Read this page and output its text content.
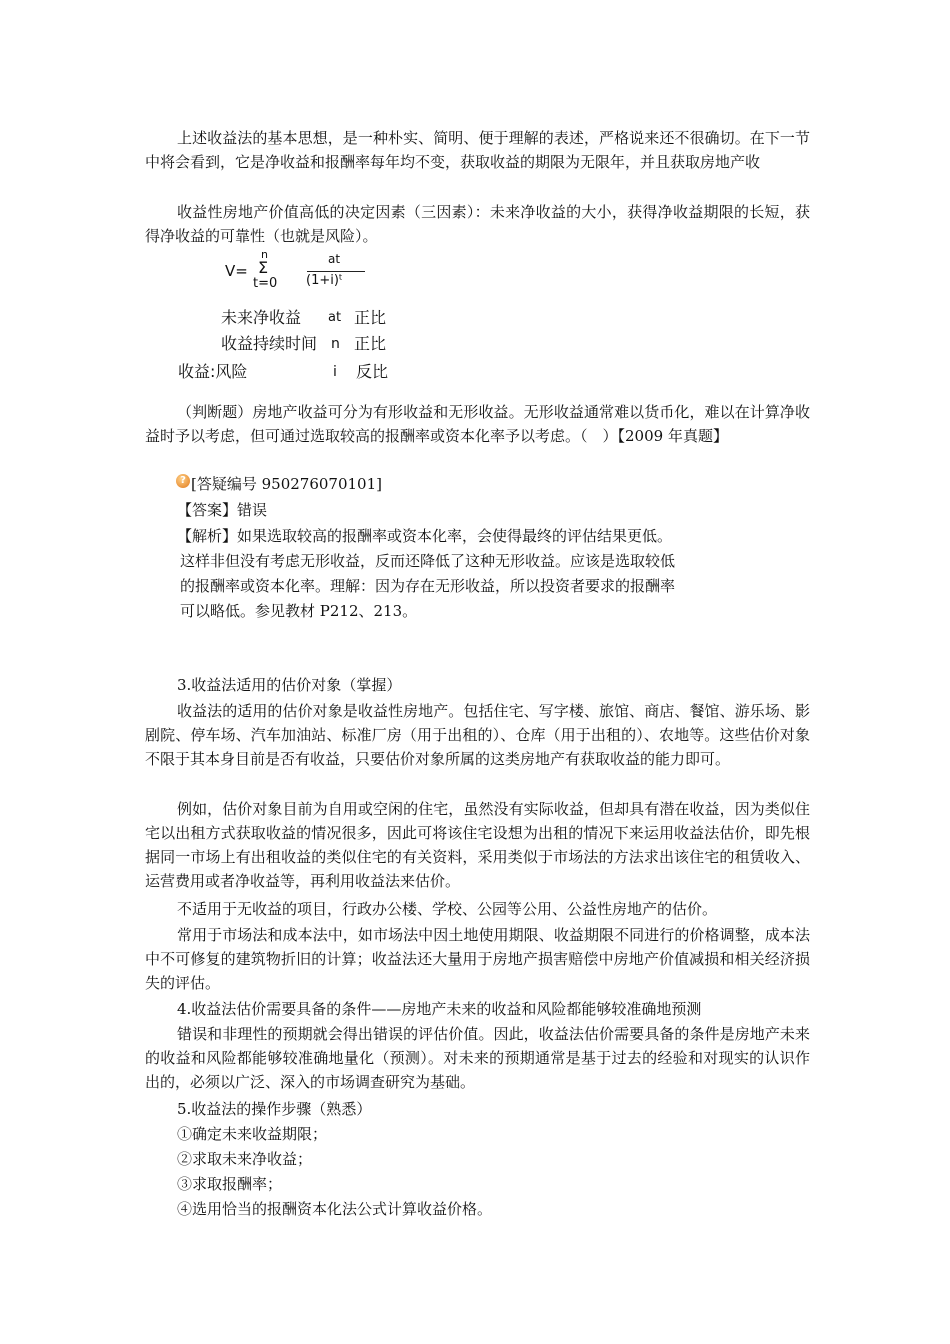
上述收益法的基本思想，是一种朴实、简明、便于理解的表述，严格说来还不很确切。在下一节中将会看到，它是净收益和报酬率每年均不变，获取收益的期限为无限年，并且获取房地产收

收益性房地产价值高低的决定因素（三因素）：未来净收益的大小，获得净收益期限的长短，获得净收益的可靠性（也就是风险）。

V=
n
Σ
t=0
at
(1+i)ᵗ
未来净收益 at 正比
收益持续时间 n 正比
收益:风险	i 反比

（判断题）房地产收益可分为有形收益和无形收益。无形收益通常难以货币化，难以在计算净收益时予以考虑，但可通过选取较高的报酬率或资本化率予以考虑。（　）【2009 年真题】

? [答疑编号 950276070101]

【答案】错误

【解析】如果选取较高的报酬率或资本化率，会使得最终的评估结果更低。

这样非但没有考虑无形收益，反而还降低了这种无形收益。应该是选取较低

的报酬率或资本化率。理解：因为存在无形收益，所以投资者要求的报酬率

可以略低。参见教材 P212、213。

3.收益法适用的估价对象（掌握）

收益法的适用的估价对象是收益性房地产。包括住宅、写字楼、旅馆、商店、餐馆、游乐场、影剧院、停车场、汽车加油站、标准厂房（用于出租的）、仓库（用于出租的）、农地等。这些估价对象不限于其本身目前是否有收益，只要估价对象所属的这类房地产有获取收益的能力即可。

例如，估价对象目前为自用或空闲的住宅，虽然没有实际收益，但却具有潜在收益，因为类似住宅以出租方式获取收益的情况很多，因此可将该住宅设想为出租的情况下来运用收益法估价，即先根据同一市场上有出租收益的类似住宅的有关资料，采用类似于市场法的方法求出该住宅的租赁收入、运营费用或者净收益等，再利用收益法来估价。

不适用于无收益的项目，行政办公楼、学校、公园等公用、公益性房地产的估价。

常用于市场法和成本法中，如市场法中因土地使用期限、收益期限不同进行的价格调整，成本法中不可修复的建筑物折旧的计算；收益法还大量用于房地产损害赔偿中房地产价值减损和相关经济损失的评估。

4.收益法估价需要具备的条件——房地产未来的收益和风险都能够较准确地预测

错误和非理性的预期就会得出错误的评估价值。因此，收益法估价需要具备的条件是房地产未来的收益和风险都能够较准确地量化（预测）。对未来的预期通常是基于过去的经验和对现实的认识作出的，必须以广泛、深入的市场调查研究为基础。

5.收益法的操作步骤（熟悉）

①确定未来收益期限；

②求取未来净收益；

③求取报酬率；

④选用恰当的报酬资本化法公式计算收益价格。
